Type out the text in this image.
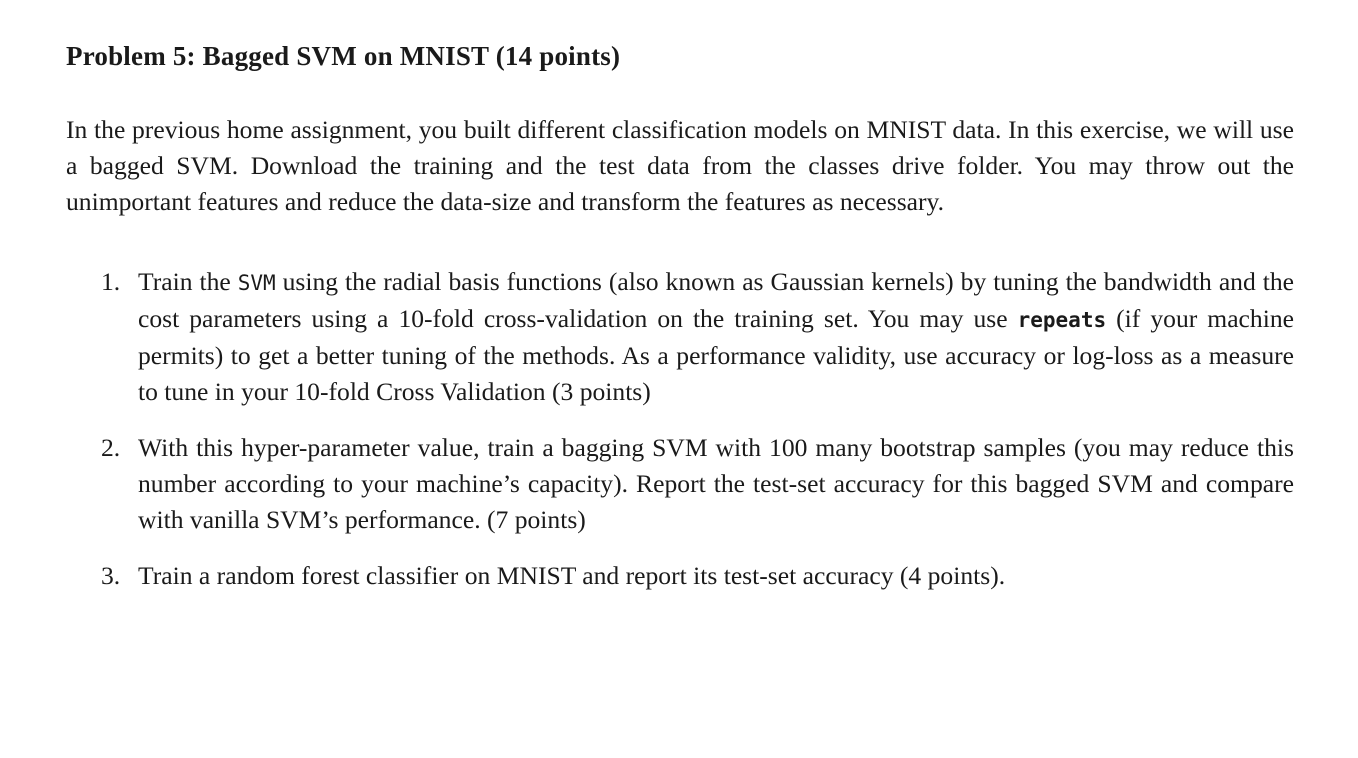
Problem 5: Bagged SVM on MNIST (14 points)

In the previous home assignment, you built different classification models on MNIST data. In this exercise, we will use a bagged SVM. Download the training and the test data from the classes drive folder. You may throw out the unimportant features and reduce the data-size and transform the features as necessary.

1. Train the SVM using the radial basis functions (also known as Gaussian kernels) by tuning the bandwidth and the cost parameters using a 10-fold cross-validation on the training set. You may use repeats (if your machine permits) to get a better tuning of the methods. As a performance validity, use accuracy or log-loss as a measure to tune in your 10-fold Cross Validation (3 points)
2. With this hyper-parameter value, train a bagging SVM with 100 many bootstrap samples (you may reduce this number according to your machine’s capacity). Report the test-set accuracy for this bagged SVM and compare with vanilla SVM’s performance. (7 points)
3. Train a random forest classifier on MNIST and report its test-set accuracy (4 points).
